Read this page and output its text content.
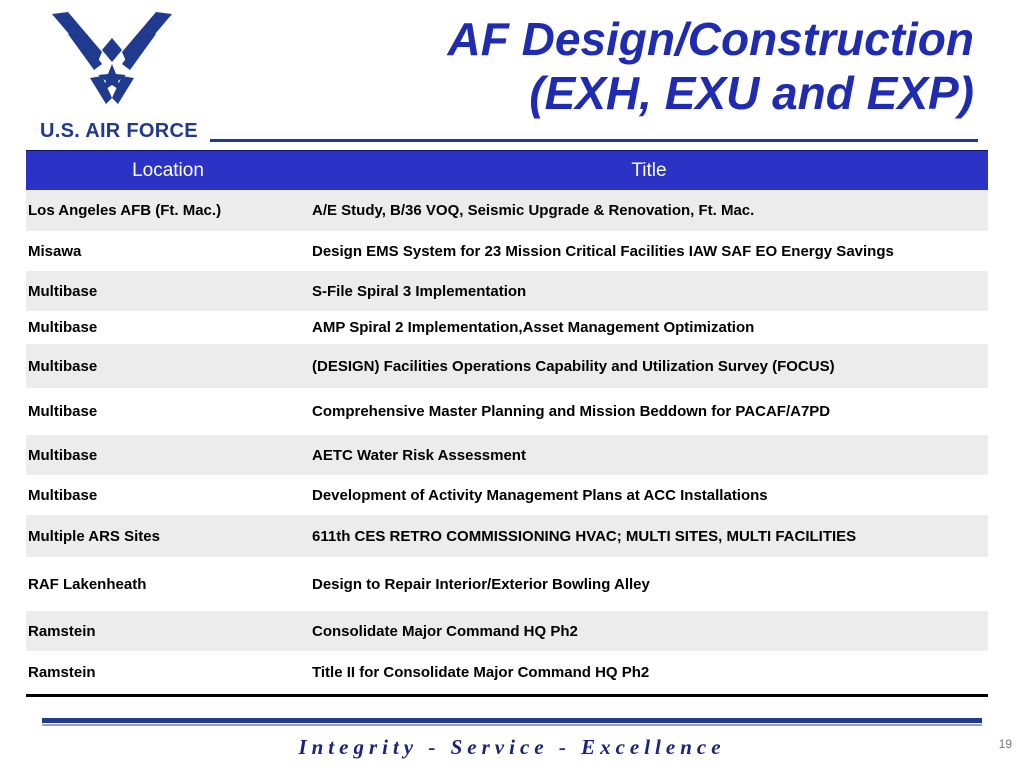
U.S. AIR FORCE
AF Design/Construction
(EXH, EXU and EXP)
Location	Title
Los Angeles AFB (Ft. Mac.)	A/E Study, B/36 VOQ, Seismic Upgrade & Renovation, Ft. Mac.
Misawa	Design EMS System for 23 Mission Critical Facilities IAW SAF EO Energy Savings
Multibase	S-File Spiral 3 Implementation
Multibase	AMP Spiral 2 Implementation,Asset Management Optimization
Multibase	(DESIGN) Facilities Operations Capability and Utilization Survey (FOCUS)
Multibase	Comprehensive Master Planning and Mission Beddown for PACAF/A7PD
Multibase	AETC Water Risk Assessment
Multibase	Development of Activity Management Plans at ACC Installations
Multiple ARS Sites	611th CES RETRO COMMISSIONING HVAC; MULTI SITES, MULTI FACILITIES
RAF Lakenheath	Design to Repair Interior/Exterior Bowling Alley
Ramstein	Consolidate Major Command HQ Ph2
Ramstein	Title II for Consolidate Major Command HQ Ph2
Integrity - Service - Excellence	19
